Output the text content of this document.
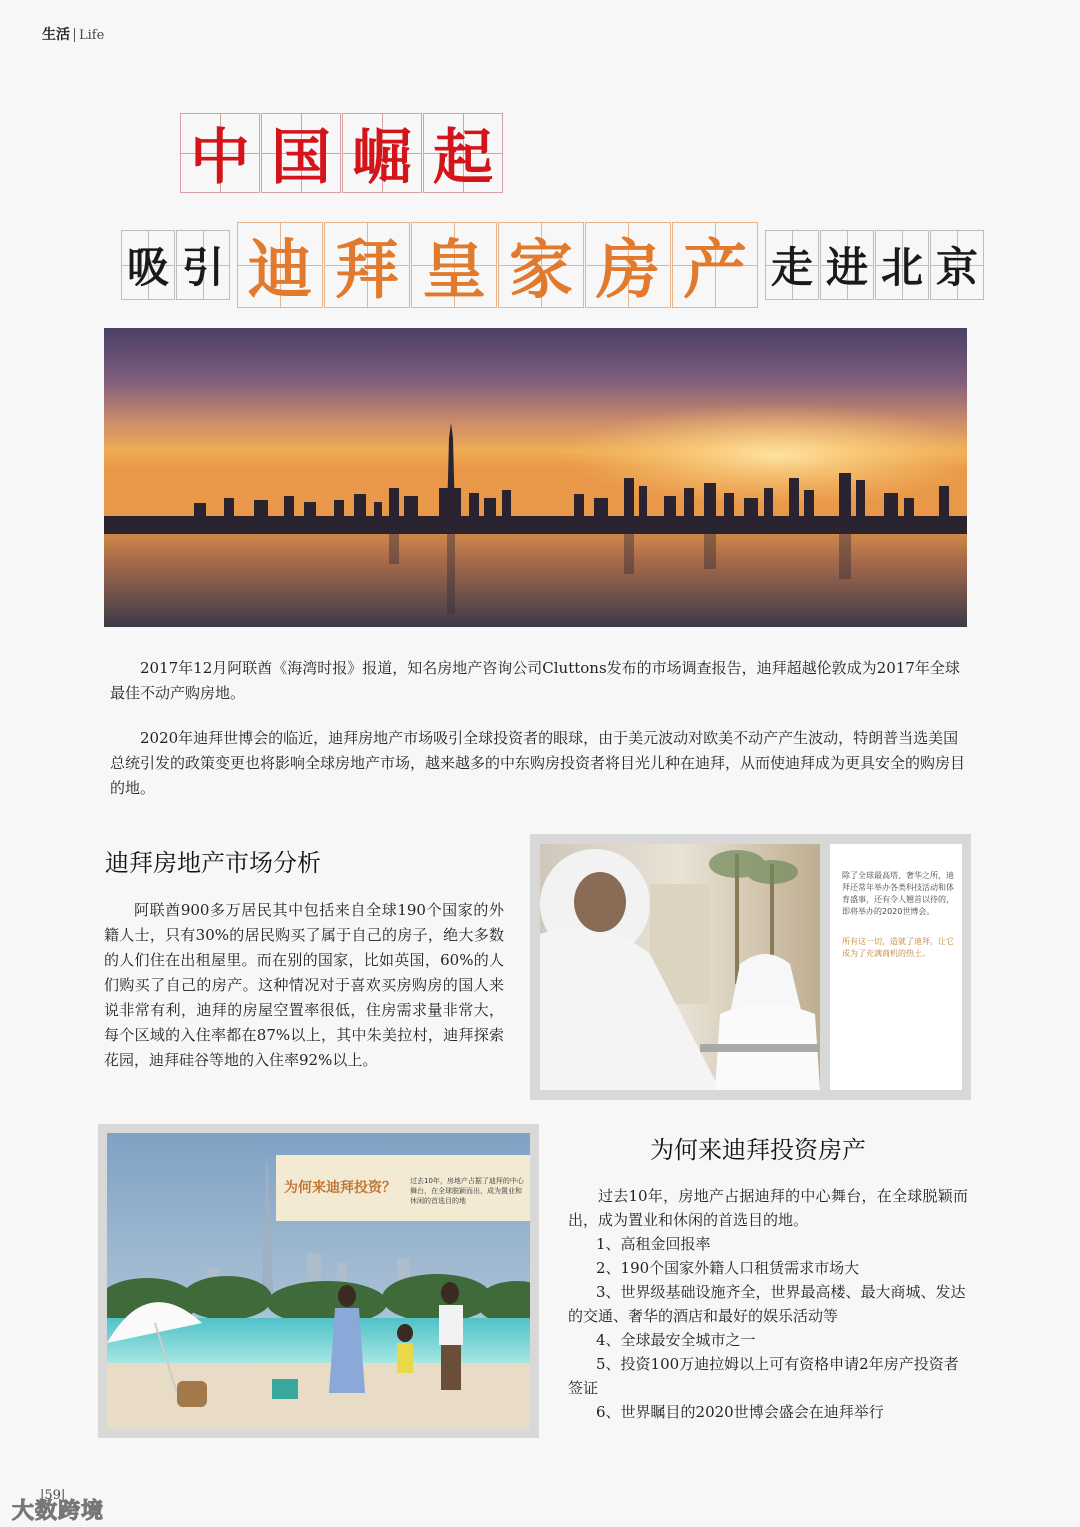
生活 Life
中 国 崛 起
吸 引 迪 拜 皇 家 房 产 走 进 北 京
2017年12月阿联酋《海湾时报》报道，知名房地产咨询公司Cluttons发布的市场调查报告，迪拜超越伦敦成为2017年全球最佳不动产购房地。
2020年迪拜世博会的临近，迪拜房地产市场吸引全球投资者的眼球，由于美元波动对欧美不动产产生波动，特朗普当选美国总统引发的政策变更也将影响全球房地产市场，越来越多的中东购房投资者将目光儿种在迪拜，从而使迪拜成为更具安全的购房目的地。
迪拜房地产市场分析
阿联酋900多万居民其中包括来自全球190个国家的外籍人士，只有30%的居民购买了属于自己的房子，绝大多数的人们住在出租屋里。而在别的国家，比如英国，60%的人们购买了自己的房产。这种情况对于喜欢买房购房的国人来说非常有利，迪拜的房屋空置率很低，住房需求量非常大，每个区域的入住率都在87%以上，其中朱美拉村，迪拜探索花园，迪拜硅谷等地的入住率92%以上。
除了全球最高塔、奢华之所，迪拜还常年举办各类科技活动和体育盛事，还有令人翘首以待的，即将举办的2020世博会。
所有这一切，造就了迪拜，让它成为了充满商机的热土。
为何来迪拜投资？ 过去10年，房地产占据了迪拜的中心舞台，在全球脱颖而出，成为置业和休闲的首选目的地
为何来迪拜投资房产
过去10年，房地产占据迪拜的中心舞台，在全球脱颖而出，成为置业和休闲的首选目的地。
1、高租金回报率
2、190个国家外籍人口租赁需求市场大
3、世界级基础设施齐全，世界最高楼、最大商城、发达的交通、奢华的酒店和最好的娱乐活动等
4、全球最安全城市之一
5、投资100万迪拉姆以上可有资格申请2年房产投资者签证
6、世界瞩目的2020世博会盛会在迪拜举行
|59|
大数跨境
